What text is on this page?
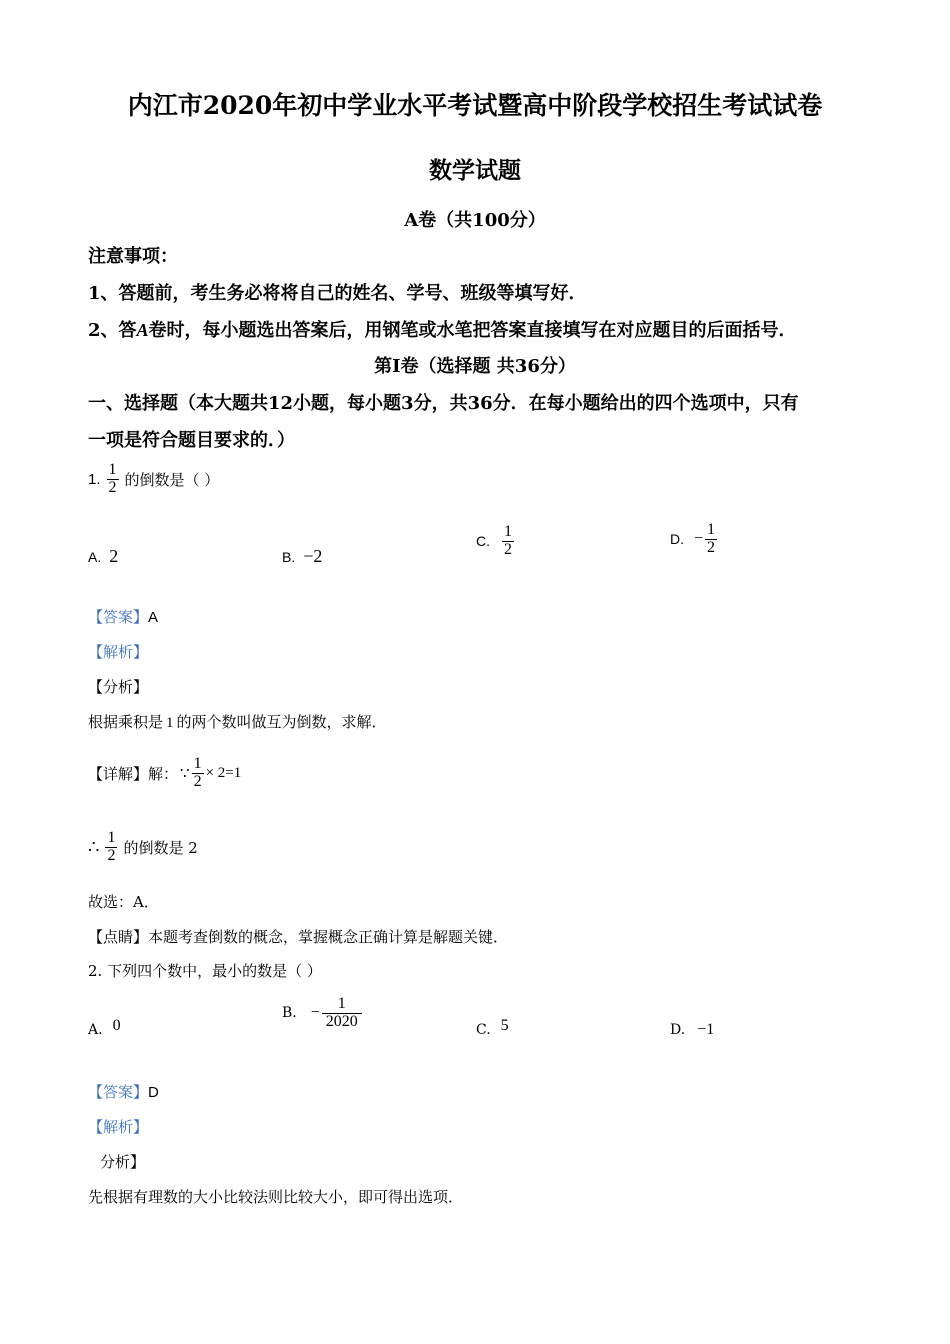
内江市2020年初中学业水平考试暨高中阶段学校招生考试试卷
数学试题
A卷（共100分）
注意事项：
1、答题前，考生务必将将自己的姓名、学号、班级等填写好．
2、答A卷时，每小题选出答案后，用钢笔或水笔把答案直接填写在对应题目的后面括号．
第Ⅰ卷（选择题 共36分）
一、选择题（本大题共12小题，每小题3分，共36分．在每小题给出的四个选项中，只有
一项是符合题目要求的．）
1. $\frac{1}{2}$ 的倒数是（ ）
A. 2	B. −2
C. $\frac{1}{2}$	D. − $\frac{1}{2}$
【答案】A
【解析】
【分析】
根据乘积是 1 的两个数叫做互为倒数，求解．
【详解】解： ∵ $\frac{1}{2} \times 2=1$
∴ $\frac{1}{2}$ 的倒数是 2
故选：A．
【点睛】本题考查倒数的概念，掌握概念正确计算是解题关键．
2. 下列四个数中，最小的数是（ ）
A. 0
B. − $\frac{1}{2020}$	C. 5	D. −1
【答案】D
【解析】
分析】
先根据有理数的大小比较法则比较大小，即可得出选项．
